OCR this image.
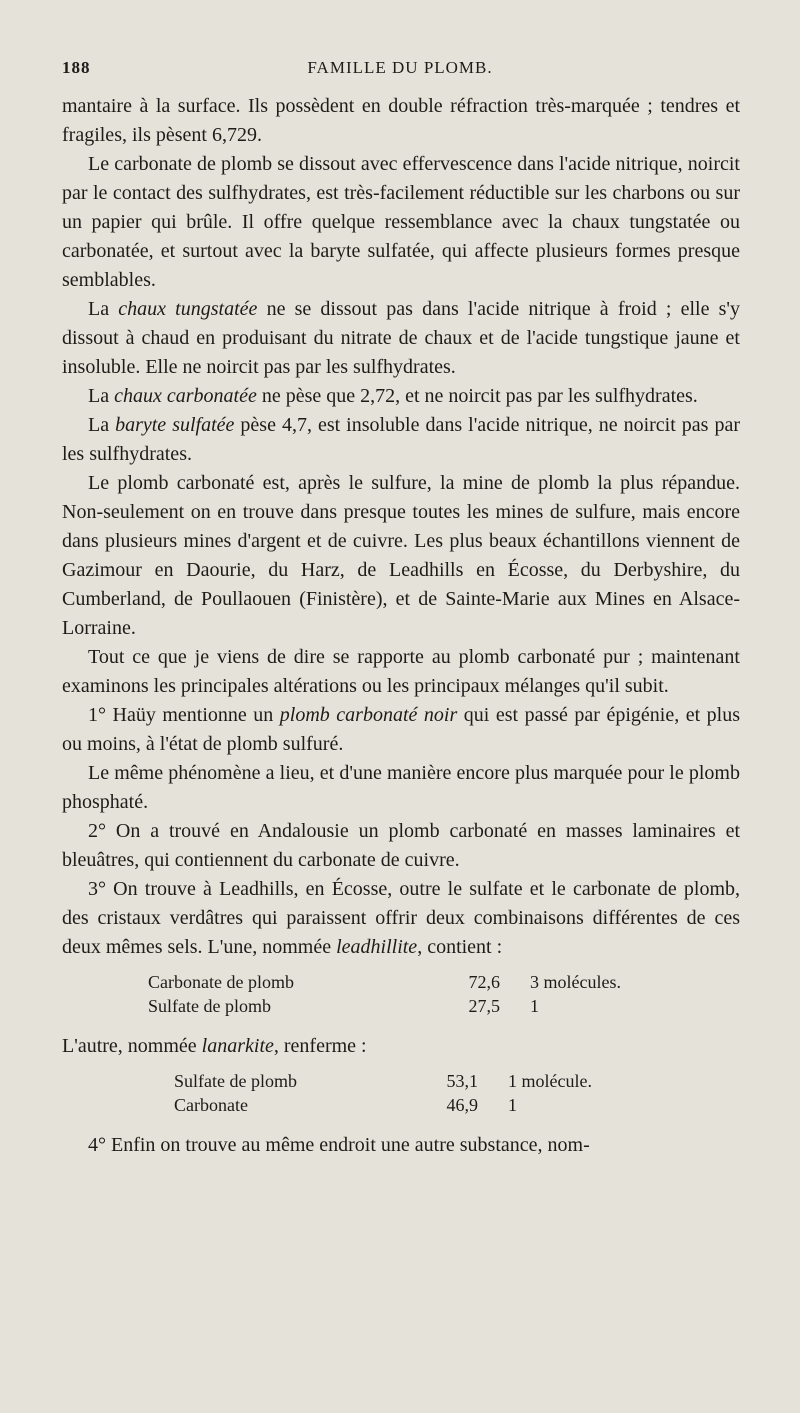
188	FAMILLE DU PLOMB.

mantaire à la surface. Ils possèdent en double réfraction très-marquée ; tendres et fragiles, ils pèsent 6,729.

Le carbonate de plomb se dissout avec effervescence dans l'acide nitrique, noircit par le contact des sulfhydrates, est très-facilement réductible sur les charbons ou sur un papier qui brûle. Il offre quelque ressemblance avec la chaux tungstatée ou carbonatée, et surtout avec la baryte sulfatée, qui affecte plusieurs formes presque semblables.

La chaux tungstatée ne se dissout pas dans l'acide nitrique à froid ; elle s'y dissout à chaud en produisant du nitrate de chaux et de l'acide tungstique jaune et insoluble. Elle ne noircit pas par les sulfhydrates.

La chaux carbonatée ne pèse que 2,72, et ne noircit pas par les sulfhydrates.

La baryte sulfatée pèse 4,7, est insoluble dans l'acide nitrique, ne noircit pas par les sulfhydrates.

Le plomb carbonaté est, après le sulfure, la mine de plomb la plus répandue. Non-seulement on en trouve dans presque toutes les mines de sulfure, mais encore dans plusieurs mines d'argent et de cuivre. Les plus beaux échantillons viennent de Gazimour en Daourie, du Harz, de Leadhills en Écosse, du Derbyshire, du Cumberland, de Poullaouen (Finistère), et de Sainte-Marie aux Mines en Alsace-Lorraine.

Tout ce que je viens de dire se rapporte au plomb carbonaté pur ; maintenant examinons les principales altérations ou les principaux mélanges qu'il subit.

1° Haüy mentionne un plomb carbonaté noir qui est passé par épigénie, et plus ou moins, à l'état de plomb sulfuré.

Le même phénomène a lieu, et d'une manière encore plus marquée pour le plomb phosphaté.

2° On a trouvé en Andalousie un plomb carbonaté en masses laminaires et bleuâtres, qui contiennent du carbonate de cuivre.

3° On trouve à Leadhills, en Écosse, outre le sulfate et le carbonate de plomb, des cristaux verdâtres qui paraissent offrir deux combinaisons différentes de ces deux mêmes sels. L'une, nommée leadhillite, contient :

Carbonate de plomb	72,6	3 molécules.
Sulfate de plomb	27,5	1

L'autre, nommée lanarkite, renferme :

Sulfate de plomb	53,1	1 molécule.
Carbonate	46,9	1

4° Enfin on trouve au même endroit une autre substance, nom-
